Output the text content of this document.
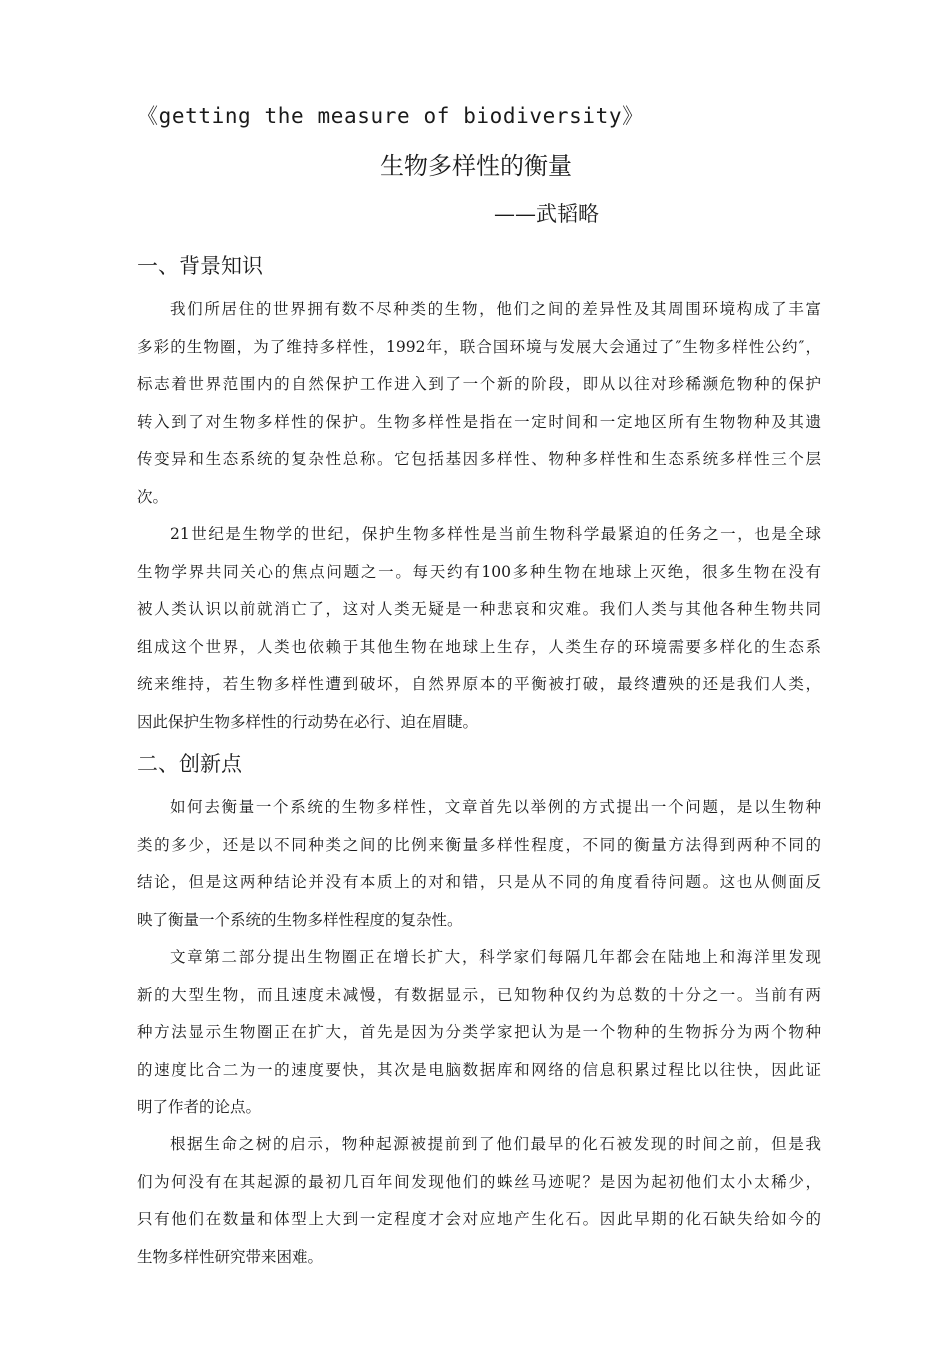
《getting the measure of biodiversity》
生物多样性的衡量
——武韬略
一、背景知识
我们所居住的世界拥有数不尽种类的生物，他们之间的差异性及其周围环境构成了丰富
多彩的生物圈，为了维持多样性，1992年，联合国环境与发展大会通过了″生物多样性公约″，
标志着世界范围内的自然保护工作进入到了一个新的阶段，即从以往对珍稀濒危物种的保护
转入到了对生物多样性的保护。生物多样性是指在一定时间和一定地区所有生物物种及其遗
传变异和生态系统的复杂性总称。它包括基因多样性、物种多样性和生态系统多样性三个层
次。
21世纪是生物学的世纪，保护生物多样性是当前生物科学最紧迫的任务之一，也是全球
生物学界共同关心的焦点问题之一。每天约有100多种生物在地球上灭绝，很多生物在没有
被人类认识以前就消亡了，这对人类无疑是一种悲哀和灾难。我们人类与其他各种生物共同
组成这个世界，人类也依赖于其他生物在地球上生存，人类生存的环境需要多样化的生态系
统来维持，若生物多样性遭到破坏，自然界原本的平衡被打破，最终遭殃的还是我们人类，
因此保护生物多样性的行动势在必行、迫在眉睫。
二、创新点
如何去衡量一个系统的生物多样性，文章首先以举例的方式提出一个问题，是以生物种
类的多少，还是以不同种类之间的比例来衡量多样性程度，不同的衡量方法得到两种不同的
结论，但是这两种结论并没有本质上的对和错，只是从不同的角度看待问题。这也从侧面反
映了衡量一个系统的生物多样性程度的复杂性。
文章第二部分提出生物圈正在增长扩大，科学家们每隔几年都会在陆地上和海洋里发现
新的大型生物，而且速度未减慢，有数据显示，已知物种仅约为总数的十分之一。当前有两
种方法显示生物圈正在扩大，首先是因为分类学家把认为是一个物种的生物拆分为两个物种
的速度比合二为一的速度要快，其次是电脑数据库和网络的信息积累过程比以往快，因此证
明了作者的论点。
根据生命之树的启示，物种起源被提前到了他们最早的化石被发现的时间之前，但是我
们为何没有在其起源的最初几百年间发现他们的蛛丝马迹呢？是因为起初他们太小太稀少，
只有他们在数量和体型上大到一定程度才会对应地产生化石。因此早期的化石缺失给如今的
生物多样性研究带来困难。
